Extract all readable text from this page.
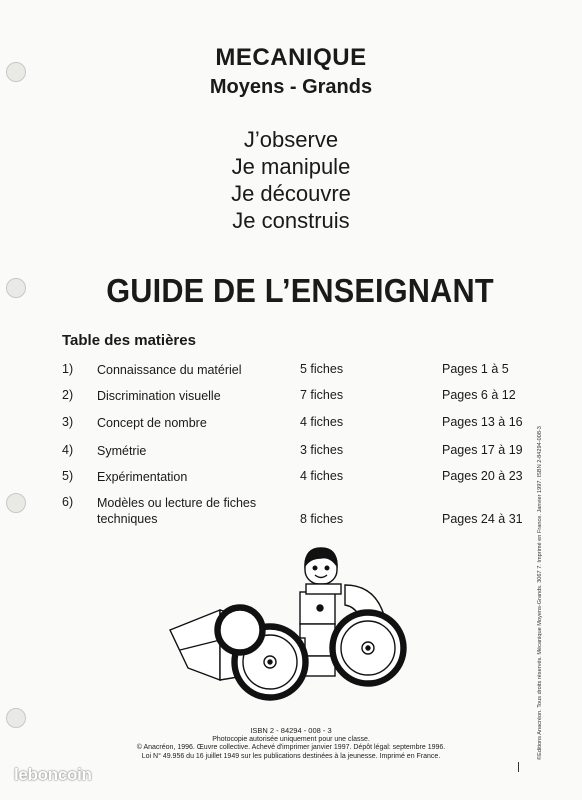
MECANIQUE
Moyens - Grands
J’observe
Je manipule
Je découvre
Je construis
GUIDE DE L’ENSEIGNANT
Table des matières
1) Connaissance du matériel	5 fiches	Pages 1 à 5
2) Discrimination visuelle	7 fiches	Pages 6 à 12
3) Concept de nombre	4 fiches	Pages 13 à 16
4) Symétrie	3 fiches	Pages 17 à 19
5) Expérimentation	4 fiches	Pages 20 à 23
6) Modèles ou lecture de fiches techniques	8 fiches	Pages 24 à 31	©Editions Anacréon. Tous droits réservés. Mécanique Moyens-Grands. 3067 7. Imprimé en France. Janvier 1997. ISBN 2-84294-008-3
ISBN 2 - 84294 - 008 - 3
Photocopie autorisée uniquement pour une classe.
© Anacréon, 1996. Œuvre collective. Achevé d'imprimer janvier 1997. Dépôt légal: septembre 1996.
Loi N° 49.956 du 16 juillet 1949 sur les publications destinées à la jeunesse. Imprimé en France.
leboncoin
